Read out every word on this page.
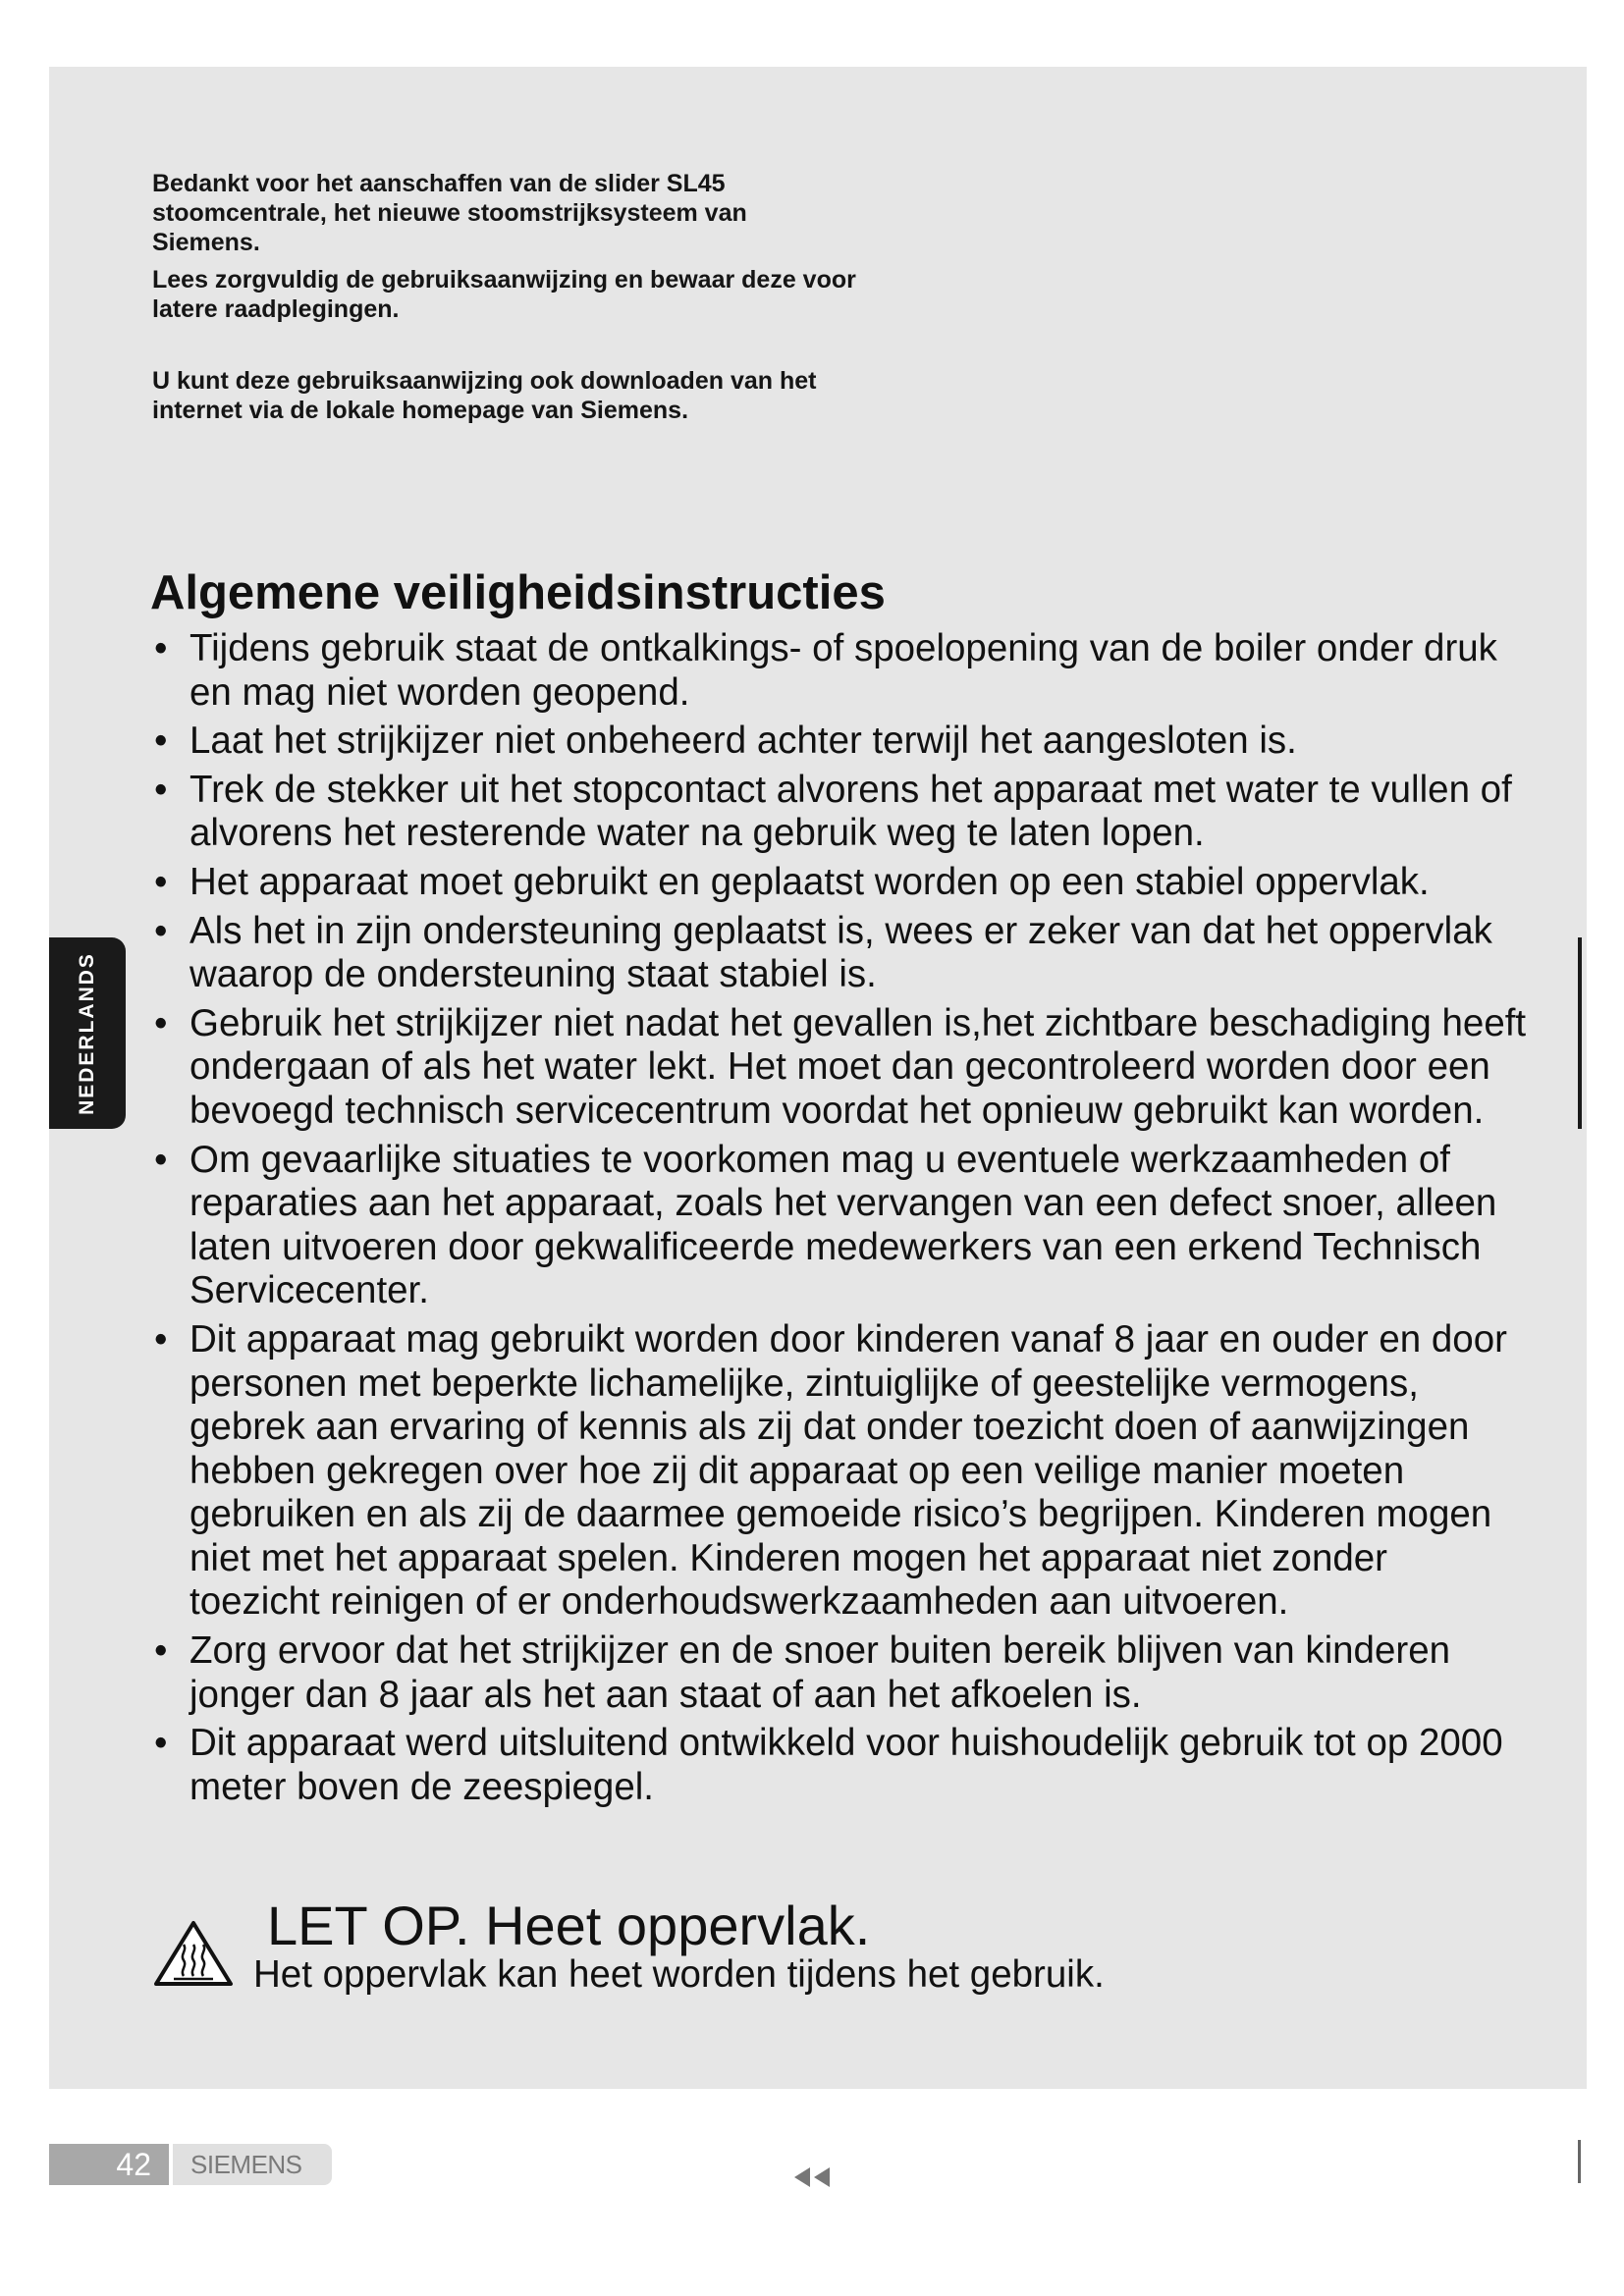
Bedankt voor het aanschaffen van de slider SL45 stoomcentrale, het nieuwe stoomstrijksysteem van Siemens.

Lees zorgvuldig de gebruiksaanwijzing en bewaar deze voor latere raadplegingen.

U kunt deze gebruiksaanwijzing ook downloaden van het internet via de lokale homepage van Siemens.

NEDERLANDS
Algemene veiligheidsinstructies
• Tijdens gebruik staat de ontkalkings- of spoelopening van de boiler onder druk en mag niet worden geopend.
• Laat het strijkijzer niet onbeheerd achter terwijl het aangesloten is.
• Trek de stekker uit het stopcontact alvorens het apparaat met water te vullen of alvorens het resterende water na gebruik weg te laten lopen.
• Het apparaat moet gebruikt en geplaatst worden op een stabiel oppervlak.
• Als het in zijn ondersteuning geplaatst is, wees er zeker van dat het oppervlak waarop de ondersteuning staat stabiel is.
• Gebruik het strijkijzer niet nadat het gevallen is,het zichtbare beschadiging heeft ondergaan of als het water lekt. Het moet dan gecontroleerd worden door een bevoegd technisch servicecentrum voordat het opnieuw gebruikt kan worden.
• Om gevaarlijke situaties te voorkomen mag u eventuele werkzaamheden of reparaties aan het apparaat, zoals het vervangen van een defect snoer, alleen laten uitvoeren door gekwalificeerde medewerkers van een erkend Technisch Servicecenter.
• Dit apparaat mag gebruikt worden door kinderen vanaf 8 jaar en ouder en door personen met beperkte lichamelijke, zintuiglijke of geestelijke vermogens, gebrek aan ervaring of kennis als zij dat onder toezicht doen of aanwijzingen hebben gekregen over hoe zij dit apparaat op een veilige manier moeten gebruiken en als zij de daarmee gemoeide risico’s begrijpen. Kinderen mogen niet met het apparaat spelen. Kinderen mogen het apparaat niet zonder toezicht reinigen of er onderhoudswerkzaamheden aan uitvoeren.
• Zorg ervoor dat het strijkijzer en de snoer buiten bereik blijven van kinderen jonger dan 8 jaar als het aan staat of aan het afkoelen is.
• Dit apparaat werd uitsluitend ontwikkeld voor huishoudelijk gebruik tot op 2000 meter boven de zeespiegel.
LET OP. Heet oppervlak.
Het oppervlak kan heet worden tijdens het gebruik.
42	SIEMENS
